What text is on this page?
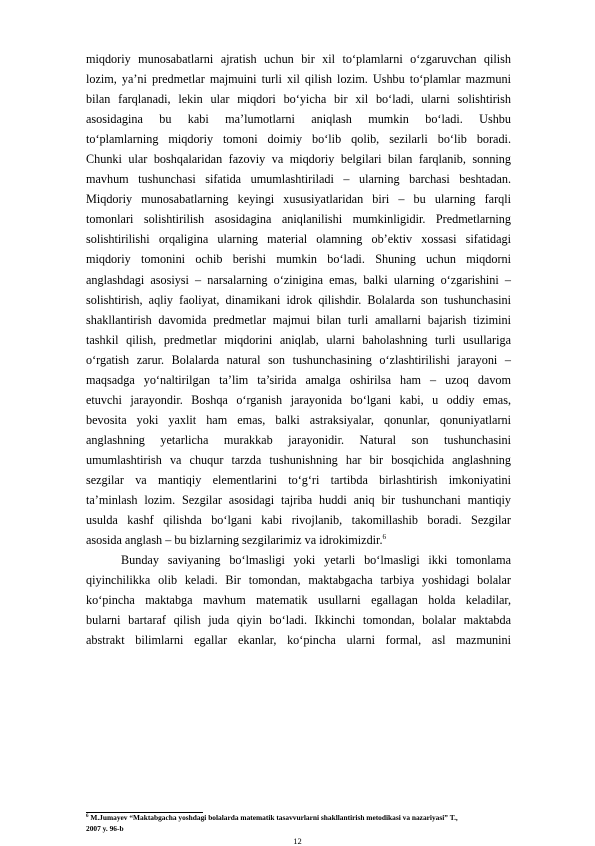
miqdoriy munosabatlarni ajratish uchun bir xil to‘plamlarni o‘zgaruvchan qilish
lozim, ya’ni predmetlar majmuini turli xil qilish lozim. Ushbu to‘plamlar mazmuni
bilan farqlanadi, lekin ular miqdori bo‘yicha bir xil bo‘ladi, ularni solishtirish
asosidagina bu kabi ma’lumotlarni aniqlash mumkin bo‘ladi. Ushbu
to‘plamlarning miqdoriy tomoni doimiy bo‘lib qolib, sezilarli bo‘lib boradi.
Chunki ular boshqalaridan fazoviy va miqdoriy belgilari bilan farqlanib, sonning
mavhum tushunchasi sifatida umumlashtiriladi – ularning barchasi beshtadan.
Miqdoriy munosabatlarning keyingi xususiyatlaridan biri – bu ularning farqli
tomonlari solishtirilish asosidagina aniqlanilishi mumkinligidir. Predmetlarning
solishtirilishi orqaligina ularning material olamning ob’ektiv xossasi sifatidagi
miqdoriy tomonini ochib berishi mumkin bo‘ladi. Shuning uchun miqdorni
anglashdagi asosiysi – narsalarning o‘zinigina emas, balki ularning o‘zgarishini –
solishtirish, aqliy faoliyat, dinamikani idrok qilishdir. Bolalarda son tushunchasini
shakllantirish davomida predmetlar majmui bilan turli amallarni bajarish tizimini
tashkil qilish, predmetlar miqdorini aniqlab, ularni baholashning turli usullariga
o‘rgatish zarur. Bolalarda natural son tushunchasining o‘zlashtirilishi jarayoni –
maqsadga yo‘naltirilgan ta’lim ta’sirida amalga oshirilsa ham – uzoq davom
etuvchi jarayondir. Boshqa o‘rganish jarayonida bo‘lgani kabi, u oddiy emas,
bevosita yoki yaxlit ham emas, balki astraksiyalar, qonunlar, qonuniyatlarni
anglashning yetarlicha murakkab jarayonidir. Natural son tushunchasini
umumlashtirish va chuqur tarzda tushunishning har bir bosqichida anglashning
sezgilar va mantiqiy elementlarini to‘g‘ri tartibda birlashtirish imkoniyatini
ta’minlash lozim. Sezgilar asosidagi tajriba huddi aniq bir tushunchani mantiqiy
usulda kashf qilishda bo‘lgani kabi rivojlanib, takomillashib boradi. Sezgilar
asosida anglash – bu bizlarning sezgilarimiz va idrokimizdir.$^6$
Bunday saviyaning bo‘lmasligi yoki yetarli bo‘lmasligi ikki tomonlama
qiyinchilikka olib keladi. Bir tomondan, maktabgacha tarbiya yoshidagi bolalar
ko‘pincha maktabga mavhum matematik usullarni egallagan holda keladilar,
bularni bartaraf qilish juda qiyin bo‘ladi. Ikkinchi tomondan, bolalar maktabda
abstrakt bilimlarni egallar ekanlar, ko‘pincha ularni formal, asl mazmunini
$^6$ M.Jumayev “Maktabgacha yoshdagi bolalarda matematik tasavvurlarni shakllantirish metodikasi va nazariyasi” T.,
2007 y. 96-b
12
